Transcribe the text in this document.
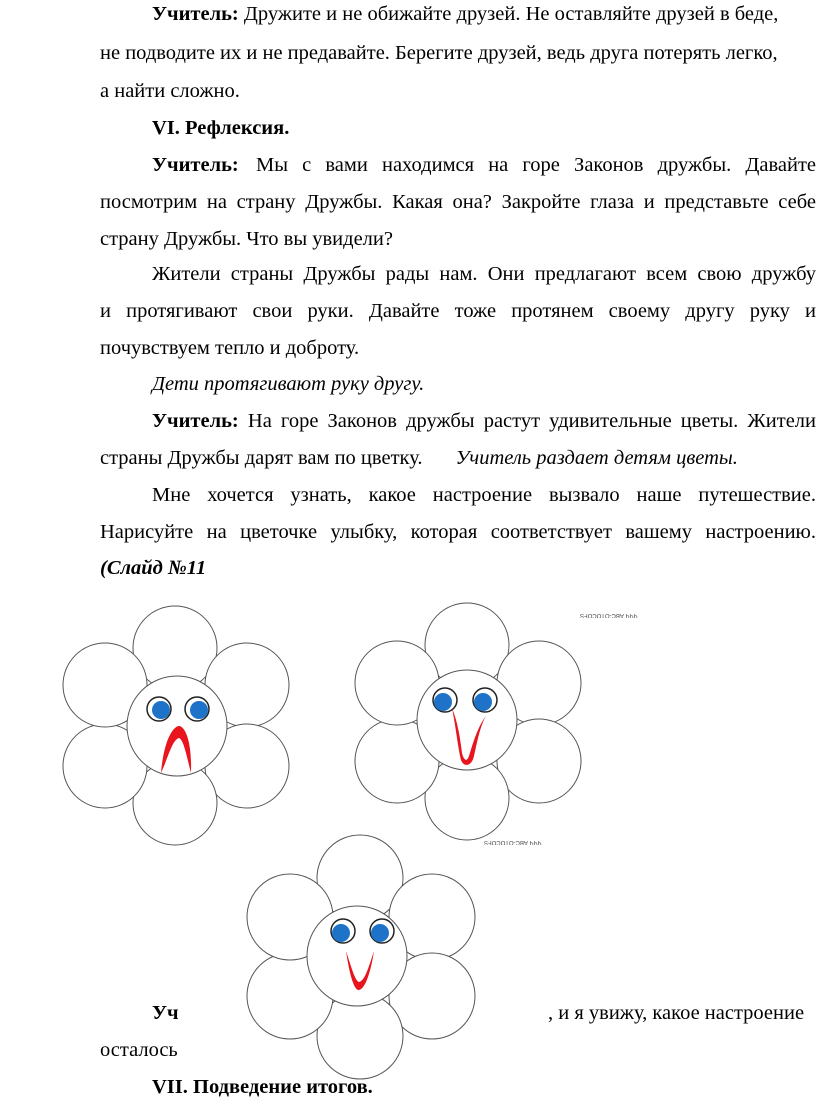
Учитель: Дружите и не обижайте друзей. Не оставляйте друзей в беде,
не подводите их и не предавайте. Берегите друзей, ведь друга потерять легко,
а найти сложно.
VI. Рефлексия.
Учитель: Мы с вами находимся на горе Законов дружбы. Давайте
посмотрим на страну Дружбы. Какая она? Закройте глаза и представьте себе
страну Дружбы. Что вы увидели?
Жители страны Дружбы рады нам. Они предлагают всем свою дружбу
и протягивают свои руки. Давайте тоже протянем своему другу руку и
почувствуем тепло и доброту.
Дети протягивают руку другу.
Учитель: На горе Законов дружбы растут удивительные цветы. Жители
страны Дружбы дарят вам по цветку. Учитель раздает детям цветы.
Мне хочется узнать, какое настроение вызвало наше путешествие.
Нарисуйте на цветочке улыбку, которая соответствует вашему настроению.
(Слайд №11
ЧЧЧ ABC-OTOCOFS
ЧЧЧ ABC-OTOCOFS
Уч	, и я увижу, какое настроение
осталось
VII. Подведение итогов.
